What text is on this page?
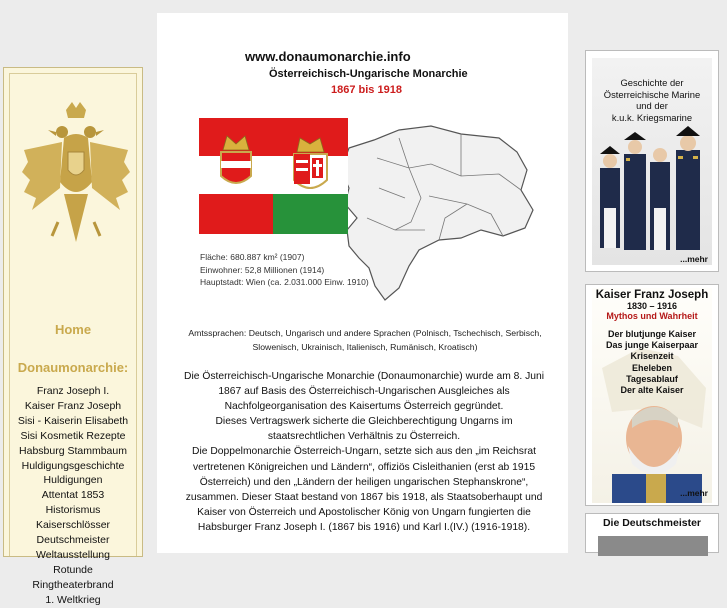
Home
Donaumonarchie:
Franz Joseph I.
Kaiser Franz Joseph
Sisi - Kaiserin Elisabeth
Sisi Kosmetik Rezepte
Habsburg Stammbaum
Huldigungsgeschichte
Huldigungen
Attentat 1853
Historismus
Kaiserschlösser
Deutschmeister
Weltausstellung
Rotunde
Ringtheaterbrand
1. Weltkrieg
www.donaumonarchie.info
Österreichisch-Ungarische Monarchie
1867 bis 1918
Fläche: 680.887 km² (1907)
Einwohner: 52,8 Millionen (1914)
Hauptstadt: Wien (ca. 2.031.000 Einw. 1910)
Amtssprachen: Deutsch, Ungarisch und andere Sprachen (Polnisch, Tschechisch, Serbisch, Slowenisch, Ukrainisch, Italienisch, Rumänisch, Kroatisch)

Die Österreichisch-Ungarische Monarchie (Donaumonarchie) wurde am 8. Juni 1867 auf Basis des Österreichisch-Ungarischen Ausgleiches als Nachfolgeorganisation des Kaisertums Österreich gegründet.

Dieses Vertragswerk sicherte die Gleichberechtigung Ungarns im staatsrechtlichen Verhältnis zu Österreich.

Die Doppelmonarchie Österreich-Ungarn, setzte sich aus den „im Reichsrat vertretenen Königreichen und Ländern“, offiziös Cisleithanien (erst ab 1915 Österreich) und den „Ländern der heiligen ungarischen Stephanskrone“, zusammen. Dieser Staat bestand von 1867 bis 1918, als Staatsoberhaupt und Kaiser von Österreich und Apostolischer König von Ungarn fungierten die Habsburger Franz Joseph I. (1867 bis 1916) und Karl I.(IV.) (1916-1918).

Geschichte der
Österreichische Marine
und der
k.u.k. Kriegsmarine
...mehr
Kaiser Franz Joseph
1830 – 1916
Mythos und Wahrheit
Der blutjunge Kaiser
Das junge Kaiserpaar
Krisenzeit
Eheleben
Tagesablauf
Der alte Kaiser
...mehr
Die Deutschmeister
